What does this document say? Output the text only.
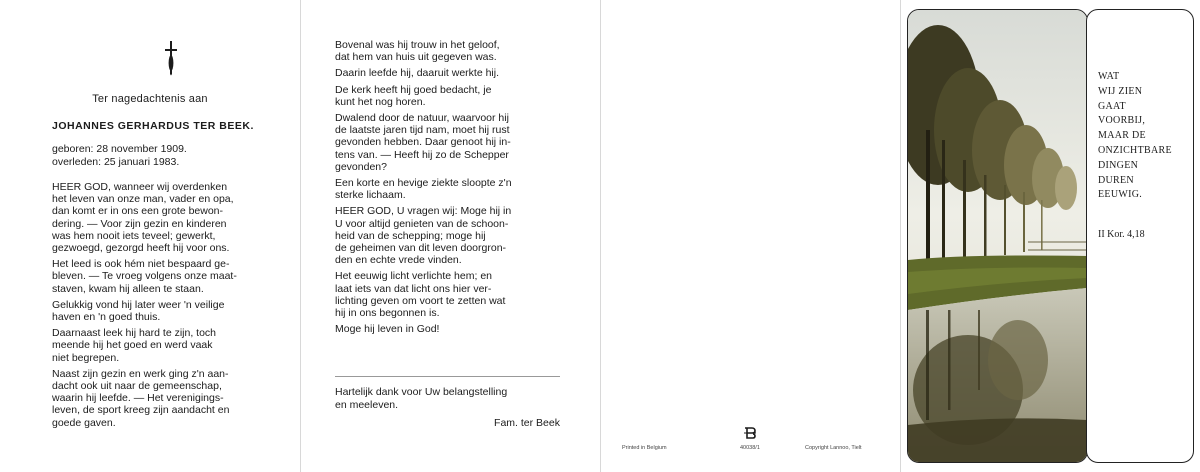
Ter nagedachtenis aan
JOHANNES GERHARDUS TER BEEK.
geboren: 28 november 1909.
overleden: 25 januari 1983.
HEER GOD, wanneer wij overdenken
het leven van onze man, vader en opa,
dan komt er in ons een grote bewon-
dering. — Voor zijn gezin en kinderen
was hem nooit iets teveel; gewerkt,
gezwoegd, gezorgd heeft hij voor ons.
Het leed is ook hém niet bespaard ge-
bleven. — Te vroeg volgens onze maat-
staven, kwam hij alleen te staan.
Gelukkig vond hij later weer 'n veilige
haven en 'n goed thuis.
Daarnaast leek hij hard te zijn, toch
meende hij het goed en werd vaak
niet begrepen.
Naast zijn gezin en werk ging z'n aan-
dacht ook uit naar de gemeenschap,
waarin hij leefde. — Het verenigings-
leven, de sport kreeg zijn aandacht en
goede gaven.
Bovenal was hij trouw in het geloof,
dat hem van huis uit gegeven was.
Daarin leefde hij, daaruit werkte hij.
De kerk heeft hij goed bedacht, je
kunt het nog horen.
Dwalend door de natuur, waarvoor hij
de laatste jaren tijd nam, moet hij rust
gevonden hebben. Daar genoot hij in-
tens van. — Heeft hij zo de Schepper
gevonden?
Een korte en hevige ziekte sloopte z'n
sterke lichaam.
HEER GOD, U vragen wij: Moge hij in
U voor altijd genieten van de schoon-
heid van de schepping; moge hij
de geheimen van dit leven doorgron-
den en echte vrede vinden.
Het eeuwig licht verlichte hem; en
laat iets van dat licht ons hier ver-
lichting geven om voort te zetten wat
hij in ons begonnen is.
Moge hij leven in God!
Hartelijk dank voor Uw belangstelling
en meeleven.
Fam. ter Beek
Printed in Belgium	40038/1	Copyright Lannoo, Tielt
WAT
WIJ ZIEN
GAAT
VOORBIJ,
MAAR DE
ONZICHTBARE
DINGEN
DUREN
EEUWIG.
II Kor. 4,18
